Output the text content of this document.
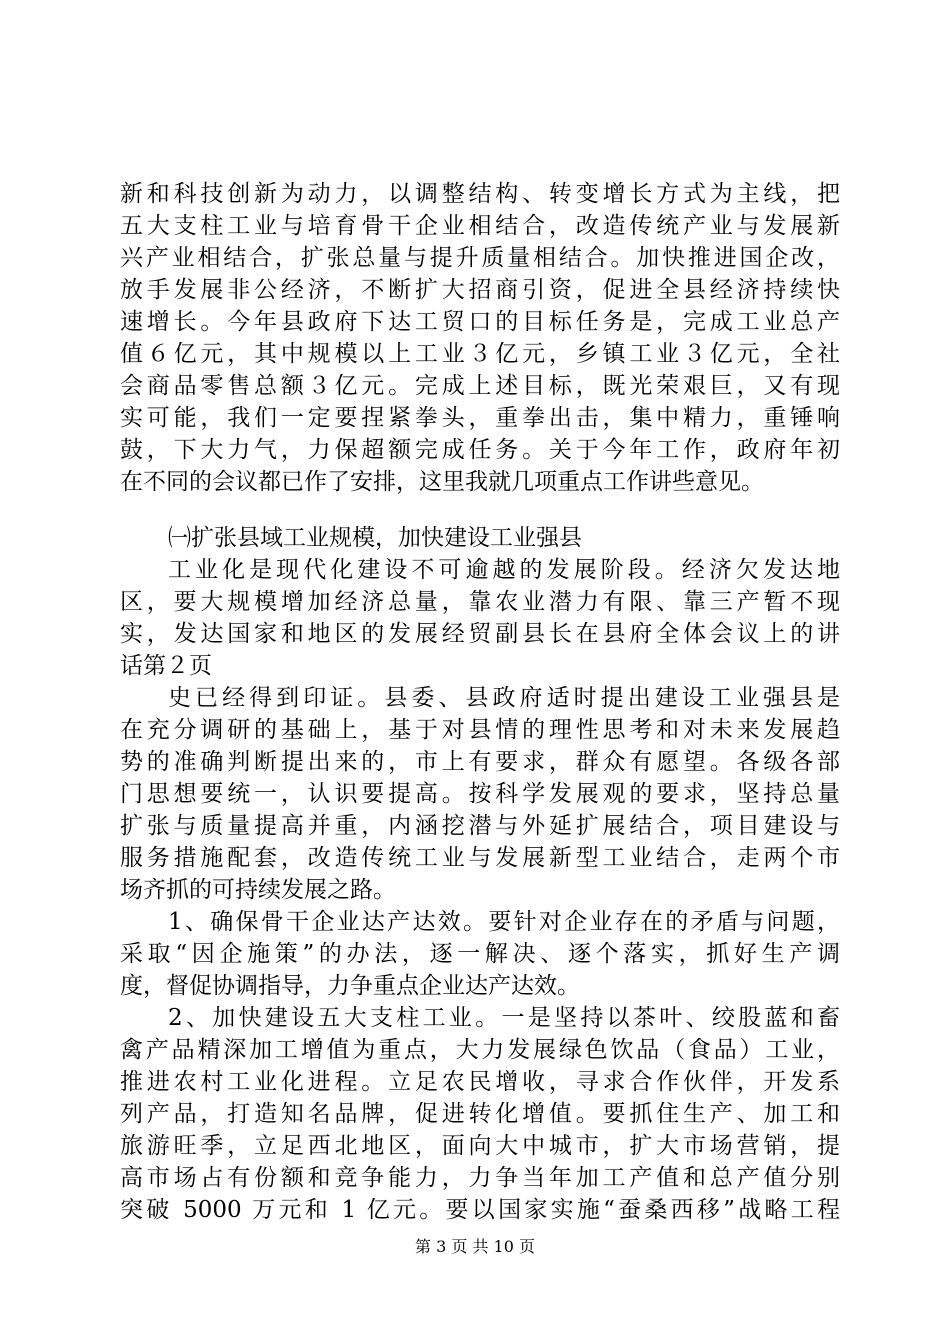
新和科技创新为动力，以调整结构、转变增长方式为主线，把
五大支柱工业与培育骨干企业相结合，改造传统产业与发展新
兴产业相结合，扩张总量与提升质量相结合。加快推进国企改，
放手发展非公经济，不断扩大招商引资，促进全县经济持续快
速增长。今年县政府下达工贸口的目标任务是，完成工业总产
值６亿元，其中规模以上工业３亿元，乡镇工业３亿元，全社
会商品零售总额３亿元。完成上述目标，既光荣艰巨，又有现
实可能，我们一定要捏紧拳头，重拳出击，集中精力，重锤响
鼓，下大力气，力保超额完成任务。关于今年工作，政府年初
在不同的会议都已作了安排，这里我就几项重点工作讲些意见。
㈠扩张县域工业规模，加快建设工业强县
工业化是现代化建设不可逾越的发展阶段。经济欠发达地
区，要大规模增加经济总量，靠农业潜力有限、靠三产暂不现
实，发达国家和地区的发展经贸副县长在县府全体会议上的讲
话第２页
史已经得到印证。县委、县政府适时提出建设工业强县是
在充分调研的基础上，基于对县情的理性思考和对未来发展趋
势的准确判断提出来的，市上有要求，群众有愿望。各级各部
门思想要统一，认识要提高。按科学发展观的要求，坚持总量
扩张与质量提高并重，内涵挖潜与外延扩展结合，项目建设与
服务措施配套，改造传统工业与发展新型工业结合，走两个市
场齐抓的可持续发展之路。
1、确保骨干企业达产达效。要针对企业存在的矛盾与问题，
采取“因企施策”的办法，逐一解决、逐个落实，抓好生产调
度，督促协调指导，力争重点企业达产达效。
2、加快建设五大支柱工业。一是坚持以茶叶、绞股蓝和畜
禽产品精深加工增值为重点，大力发展绿色饮品（食品）工业，
推进农村工业化进程。立足农民增收，寻求合作伙伴，开发系
列产品，打造知名品牌，促进转化增值。要抓住生产、加工和
旅游旺季，立足西北地区，面向大中城市，扩大市场营销，提
高市场占有份额和竞争能力，力争当年加工产值和总产值分别
突破 5000 万元和 1 亿元。要以国家实施“蚕桑西移”战略工程
第 3 页 共 10 页
